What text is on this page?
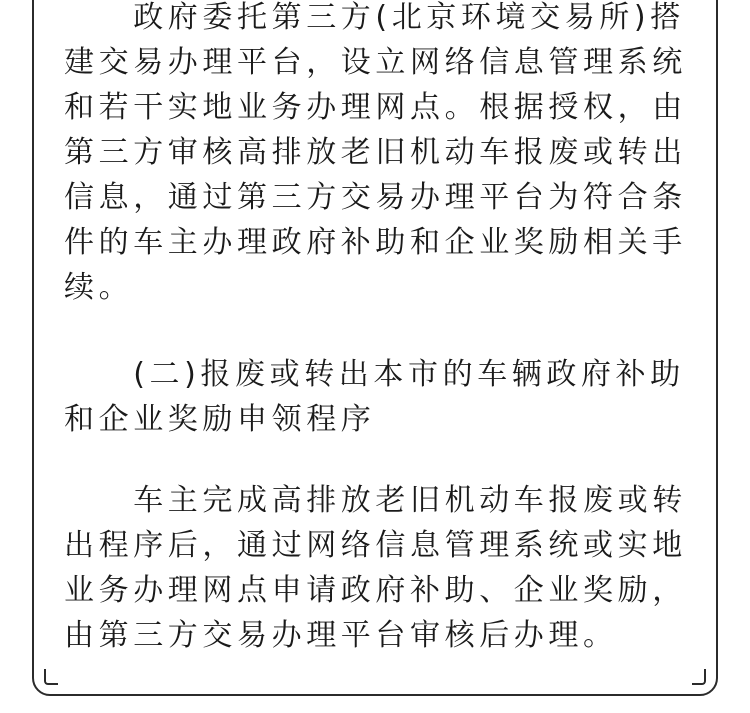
　　政府委托第三方(北京环境交易所)搭
建交易办理平台，设立网络信息管理系统
和若干实地业务办理网点。根据授权，由
第三方审核高排放老旧机动车报废或转出
信息，通过第三方交易办理平台为符合条
件的车主办理政府补助和企业奖励相关手
续。
　　(二)报废或转出本市的车辆政府补助
和企业奖励申领程序
　　车主完成高排放老旧机动车报废或转
出程序后，通过网络信息管理系统或实地
业务办理网点申请政府补助、企业奖励，
由第三方交易办理平台审核后办理。
